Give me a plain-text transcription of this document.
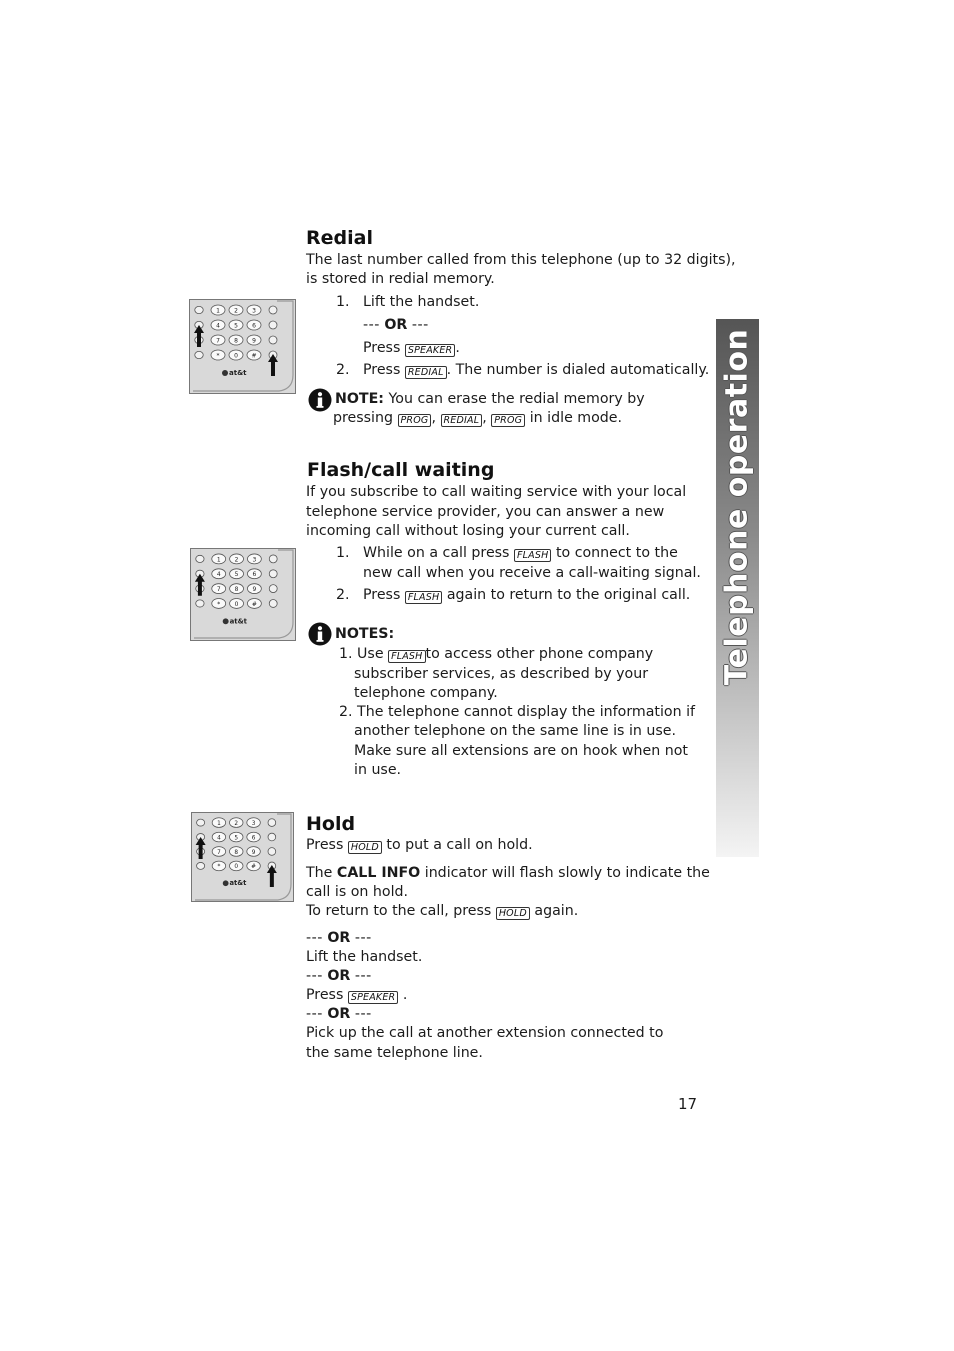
Telephone operation
Redial

The last number called from this telephone (up to 32 digits),

is stored in redial memory.

1 2 3
4 5 6
7 8 9
* 0 #
at&t

1. Lift the handset.

--- OR ---

Press SPEAKER .

2. Press REDIAL . The number is dialed automatically.

NOTE: You can erase the redial memory by

pressing PROG , REDIAL , PROG in idle mode.

Flash/call waiting

If you subscribe to call waiting service with your local

telephone service provider, you can answer a new

incoming call without losing your current call.

1 2 3
4 5 6
7 8 9
* 0 #
at&t

1. While on a call press FLASH to connect to the

new call when you receive a call-waiting signal.

2. Press FLASH again to return to the original call.

NOTES:

1. Use FLASH to access other phone company

subscriber services, as described by your

telephone company.

2. The telephone cannot display the information if

another telephone on the same line is in use.

Make sure all extensions are on hook when not

in use.

1 2 3
4 5 6
7 8 9
* 0 #
at&t
Hold

Press HOLD to put a call on hold.

The CALL INFO indicator will flash slowly to indicate the

call is on hold.

To return to the call, press HOLD again.

--- OR ---

Lift the handset.

--- OR ---

Press SPEAKER .

--- OR ---

Pick up the call at another extension connected to

the same telephone line.

17
